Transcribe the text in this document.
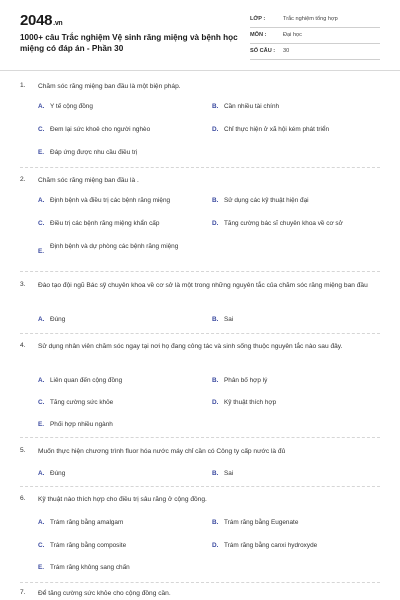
2048.vn
1000+ câu Trắc nghiệm Vệ sinh răng miệng và bệnh học miệng có đáp án - Phần 30
LỚP :	Trắc nghiệm tổng hợp
MÔN :	Đại học
SỐ CÂU : 30
1. Chăm sóc răng miệng ban đầu là một biện pháp.
A. Y tế cộng đồng	B. Cần nhiều tài chính
C. Đem lại sức khoẻ cho người nghèo	D. Chỉ thực hiện ở xã hội kém phát triển
E. Đáp ứng được nhu cầu điều trị
2. Chăm sóc răng miệng ban đầu là .
A. Định bệnh và điều trị các bệnh răng miệng	B. Sử dụng các kỹ thuật hiện đại
C. Điều trị các bệnh răng miệng khẩn cấp	D. Tăng cường bác sĩ chuyên khoa về cơ sở
E.
Định bệnh và dự phòng các bệnh răng miệng
3. Đào tạo đội ngũ Bác sỹ chuyên khoa về cơ sở là một trong những nguyên tắc của chăm sóc răng miệng ban đầu
A. Đúng	B. Sai
4. Sử dụng nhân viên chăm sóc ngay tại nơi họ đang công tác và sinh sống thuộc nguyên tắc nào sau đây.
A. Liên quan đến cộng đồng	B. Phân bố hợp lý
C. Tăng cường sức khỏe	D. Kỹ thuật thích hợp
E. Phối hợp nhiều ngành
5. Muốn thực hiện chương trình fluor hóa nước máy chỉ cần có Công ty cấp nước là đủ
A. Đúng	B. Sai
6. Kỹ thuật nào thích hợp cho điều trị sâu răng ở cộng đồng.
A. Trám răng bằng amalgam	B. Trám răng bằng Eugenate
C. Trám răng bằng composite	D. Trám răng bằng canxi hydroxyde
E. Trám răng không sang chấn
7. Để tăng cường sức khỏe cho cộng đồng cần.
